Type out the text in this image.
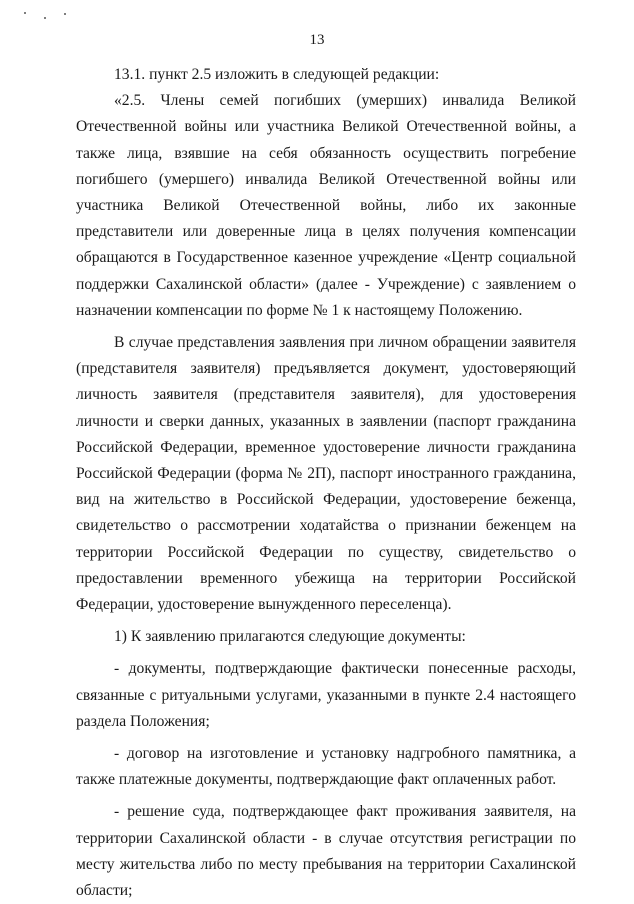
13

13.1. пункт 2.5 изложить в следующей редакции:

«2.5. Члены семей погибших (умерших) инвалида Великой Отечественной войны или участника Великой Отечественной войны, а также лица, взявшие на себя обязанность осуществить погребение погибшего (умершего) инвалида Великой Отечественной войны или участника Великой Отечественной войны, либо их законные представители или доверенные лица в целях получения компенсации обращаются в Государственное казенное учреждение «Центр социальной поддержки Сахалинской области» (далее - Учреждение) с заявлением о назначении компенсации по форме № 1 к настоящему Положению.

В случае представления заявления при личном обращении заявителя (представителя заявителя) предъявляется документ, удостоверяющий личность заявителя (представителя заявителя), для удостоверения личности и сверки данных, указанных в заявлении (паспорт гражданина Российской Федерации, временное удостоверение личности гражданина Российской Федерации (форма № 2П), паспорт иностранного гражданина, вид на жительство в Российской Федерации, удостоверение беженца, свидетельство о рассмотрении ходатайства о признании беженцем на территории Российской Федерации по существу, свидетельство о предоставлении временного убежища на территории Российской Федерации, удостоверение вынужденного переселенца).

1) К заявлению прилагаются следующие документы:

- документы, подтверждающие фактически понесенные расходы, связанные с ритуальными услугами, указанными в пункте 2.4 настоящего раздела Положения;

- договор на изготовление и установку надгробного памятника, а также платежные документы, подтверждающие факт оплаченных работ.

- решение суда, подтверждающее факт проживания заявителя, на территории Сахалинской области - в случае отсутствия регистрации по месту жительства либо по месту пребывания на территории Сахалинской области;
